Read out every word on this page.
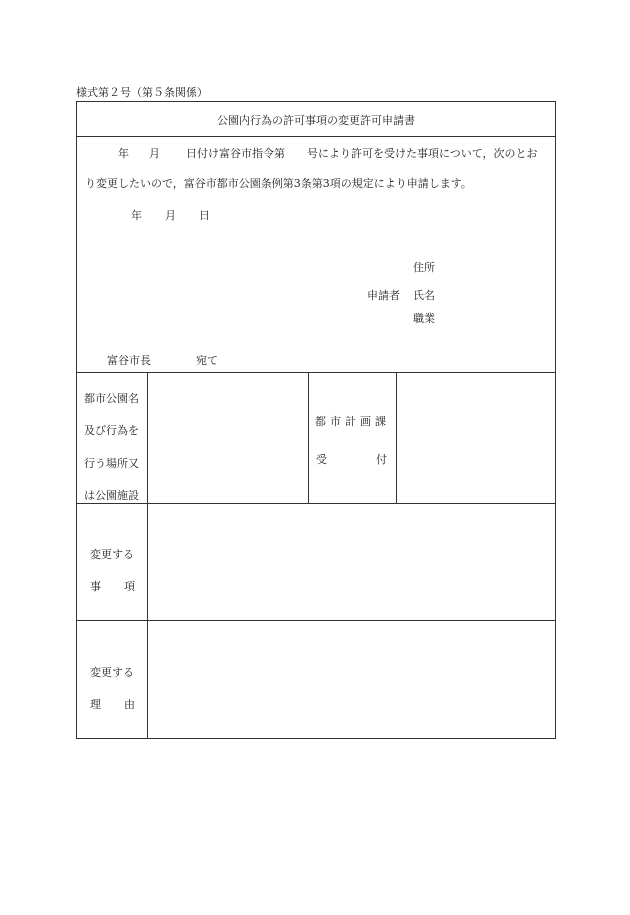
様式第２号（第５条関係）
公園内行為の許可事項の変更許可申請書
年 月 日付け富谷市指令第　　号により許可を受けた事項について，次のとお
り変更したいので，富谷市都市公園条例第3条第3項の規定により申請します。
年 月 日
住所
申請者 氏名
職業
富谷市長	宛て
都市公園名
及び行為を
行う場所又
は公園施設
都市計画課
受	付
変更する
事 項
変更する
理 由
